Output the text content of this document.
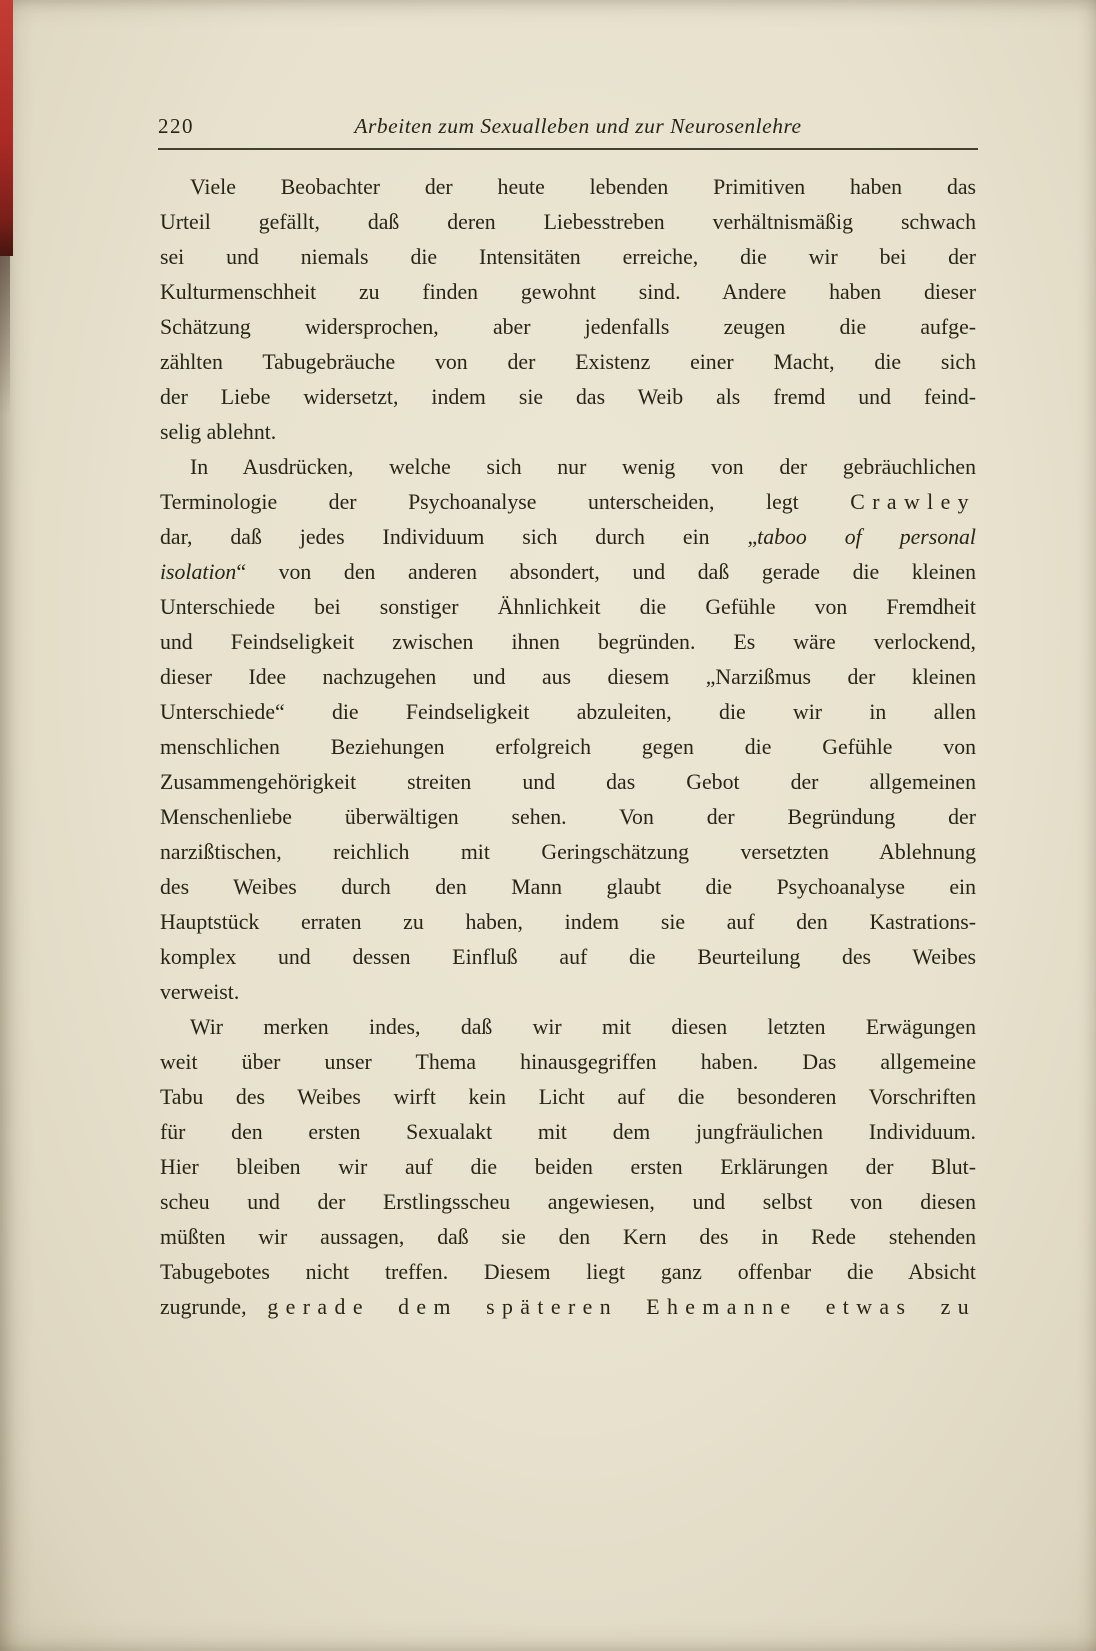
220	Arbeiten zum Sexualleben und zur Neurosenlehre
Viele Beobachter der heute lebenden Primitiven haben das
Urteil gefällt, daß deren Liebesstreben verhältnismäßig schwach
sei und niemals die Intensitäten erreiche, die wir bei der
Kulturmenschheit zu finden gewohnt sind. Andere haben dieser
Schätzung widersprochen, aber jedenfalls zeugen die aufge-
zählten Tabugebräuche von der Existenz einer Macht, die sich
der Liebe widersetzt, indem sie das Weib als fremd und feind-
selig ablehnt.
In Ausdrücken, welche sich nur wenig von der gebräuchlichen
Terminologie der Psychoanalyse unterscheiden, legt Crawley
dar, daß jedes Individuum sich durch ein „taboo of personal
isolation“ von den anderen absondert, und daß gerade die kleinen
Unterschiede bei sonstiger Ähnlichkeit die Gefühle von Fremdheit
und Feindseligkeit zwischen ihnen begründen. Es wäre verlockend,
dieser Idee nachzugehen und aus diesem „Narzißmus der kleinen
Unterschiede“ die Feindseligkeit abzuleiten, die wir in allen
menschlichen Beziehungen erfolgreich gegen die Gefühle von
Zusammengehörigkeit streiten und das Gebot der allgemeinen
Menschenliebe überwältigen sehen. Von der Begründung der
narzißtischen, reichlich mit Geringschätzung versetzten Ablehnung
des Weibes durch den Mann glaubt die Psychoanalyse ein
Hauptstück erraten zu haben, indem sie auf den Kastrations-
komplex und dessen Einfluß auf die Beurteilung des Weibes
verweist.
Wir merken indes, daß wir mit diesen letzten Erwägungen
weit über unser Thema hinausgegriffen haben. Das allgemeine
Tabu des Weibes wirft kein Licht auf die besonderen Vorschriften
für den ersten Sexualakt mit dem jungfräulichen Individuum.
Hier bleiben wir auf die beiden ersten Erklärungen der Blut-
scheu und der Erstlingsscheu angewiesen, und selbst von diesen
müßten wir aussagen, daß sie den Kern des in Rede stehenden
Tabugebotes nicht treffen. Diesem liegt ganz offenbar die Absicht
zugrunde, gerade dem späteren Ehemanne etwas zu
